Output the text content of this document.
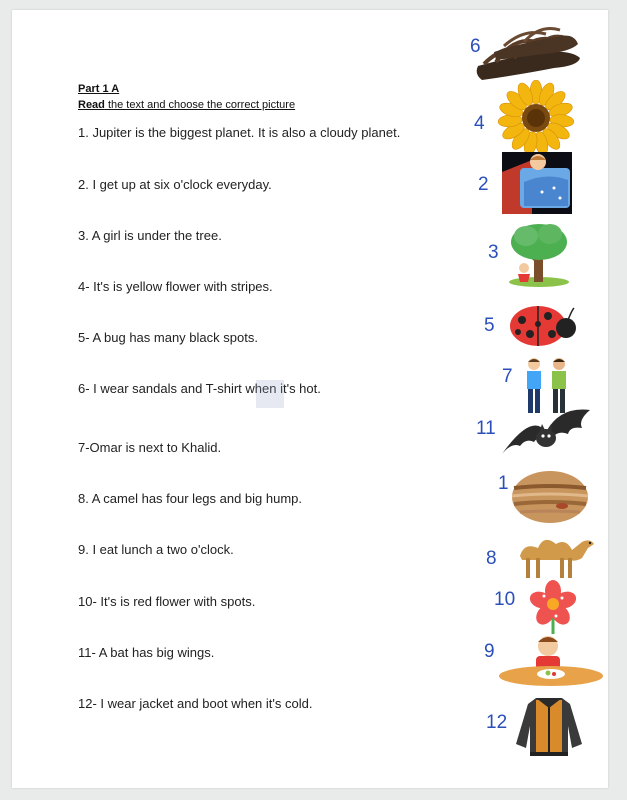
Part 1 A
Read the text and choose the correct picture
1. Jupiter is the biggest planet. It is also a cloudy planet.
2. I get up at six o'clock everyday.
3. A girl is under the tree.
4- It's is yellow flower with stripes.
5- A bug has many black spots.
6- I wear sandals and T-shirt when it's hot.
7-Omar is next to Khalid.
8. A camel has four legs and big hump.
9. I eat lunch a two o'clock.
10- It's is red flower with spots.
11- A bat has big wings.
12- I wear jacket and boot when it's cold.
6
4
2
3
5
7
11
1
8
10
9
12
